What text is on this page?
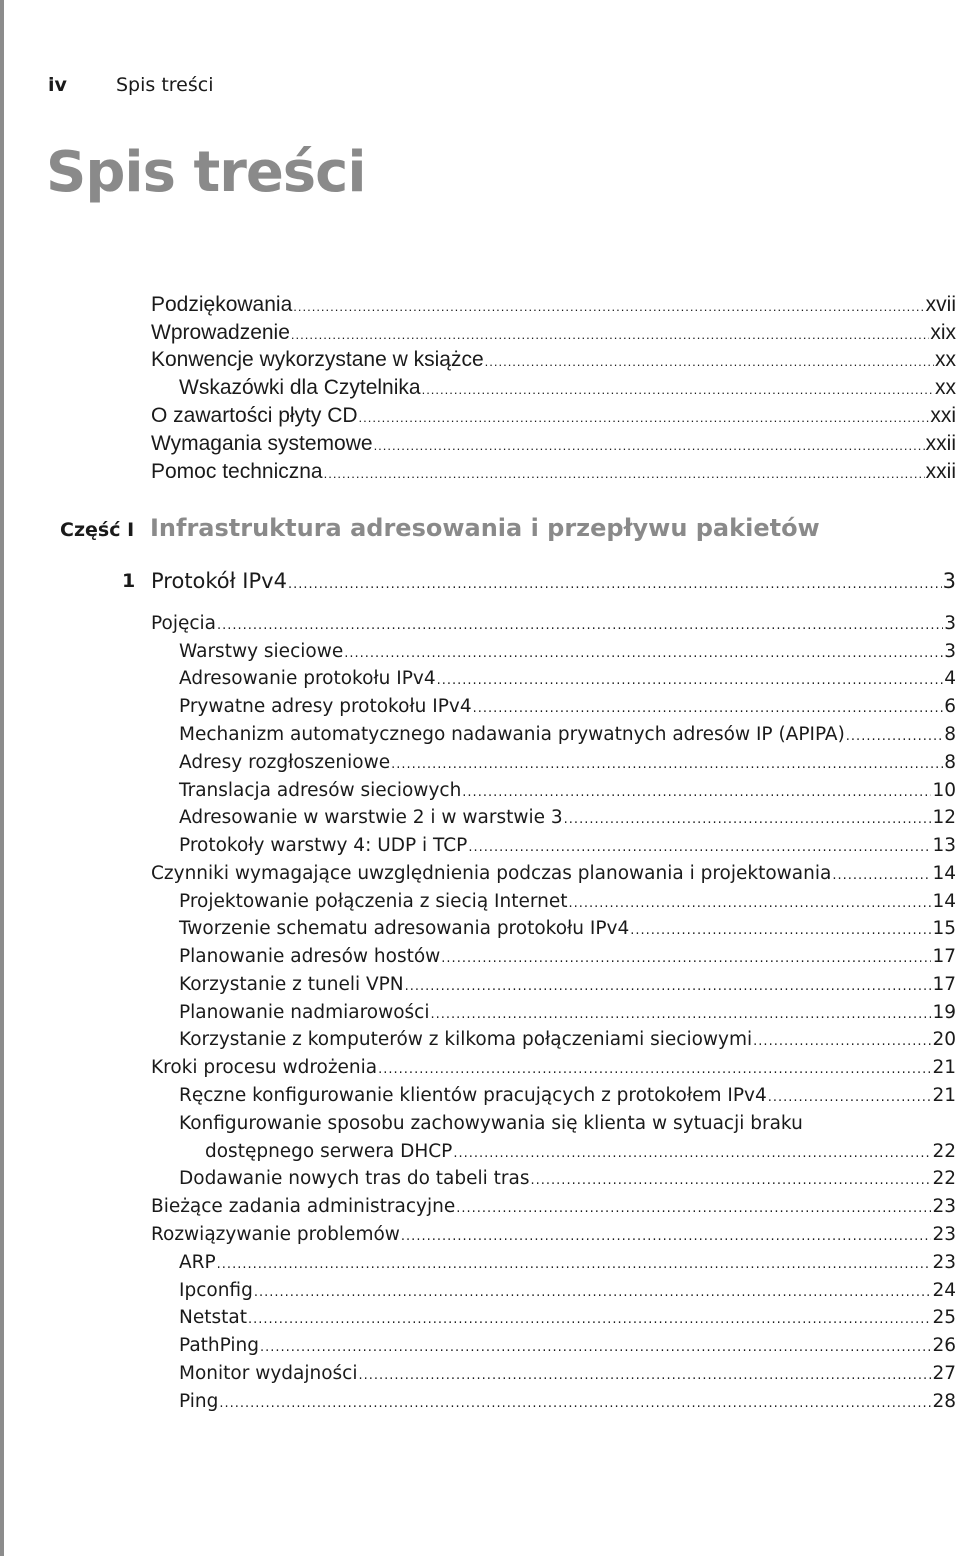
iv	Spis treści
Spis treści
Podziękowania .....	xvii
Wprowadzenie .....	xix
Konwencje wykorzystane w książce .....	xx
Wskazówki dla Czytelnika .....	xx
O zawartości płyty CD .....	xxi
Wymagania systemowe .....	xxii
Pomoc techniczna .....	xxii
Część I Infrastruktura adresowania i przepływu pakietów
1 Protokół IPv4 .....	3
Pojęcia .....	3
Warstwy sieciowe .....	3
Adresowanie protokołu IPv4 .....	4
Prywatne adresy protokołu IPv4 .....	6
Mechanizm automatycznego nadawania prywatnych adresów IP (APIPA) .....	8
Adresy rozgłoszeniowe .....	8
Translacja adresów sieciowych .....	10
Adresowanie w warstwie 2 i w warstwie 3 .....	12
Protokoły warstwy 4: UDP i TCP .....	13
Czynniki wymagające uwzględnienia podczas planowania i projektowania .....	14
Projektowanie połączenia z siecią Internet .....	14
Tworzenie schematu adresowania protokołu IPv4 .....	15
Planowanie adresów hostów .....	17
Korzystanie z tuneli VPN .....	17
Planowanie nadmiarowości .....	19
Korzystanie z komputerów z kilkoma połączeniami sieciowymi .....	20
Kroki procesu wdrożenia .....	21
Ręczne konfigurowanie klientów pracujących z protokołem IPv4 .....	21
Konfigurowanie sposobu zachowywania się klienta w sytuacji braku
dostępnego serwera DHCP .....	22
Dodawanie nowych tras do tabeli tras .....	22
Bieżące zadania administracyjne .....	23
Rozwiązywanie problemów .....	23
ARP .....	23
Ipconfig .....	24
Netstat .....	25
PathPing .....	26
Monitor wydajności .....	27
Ping .....	28
